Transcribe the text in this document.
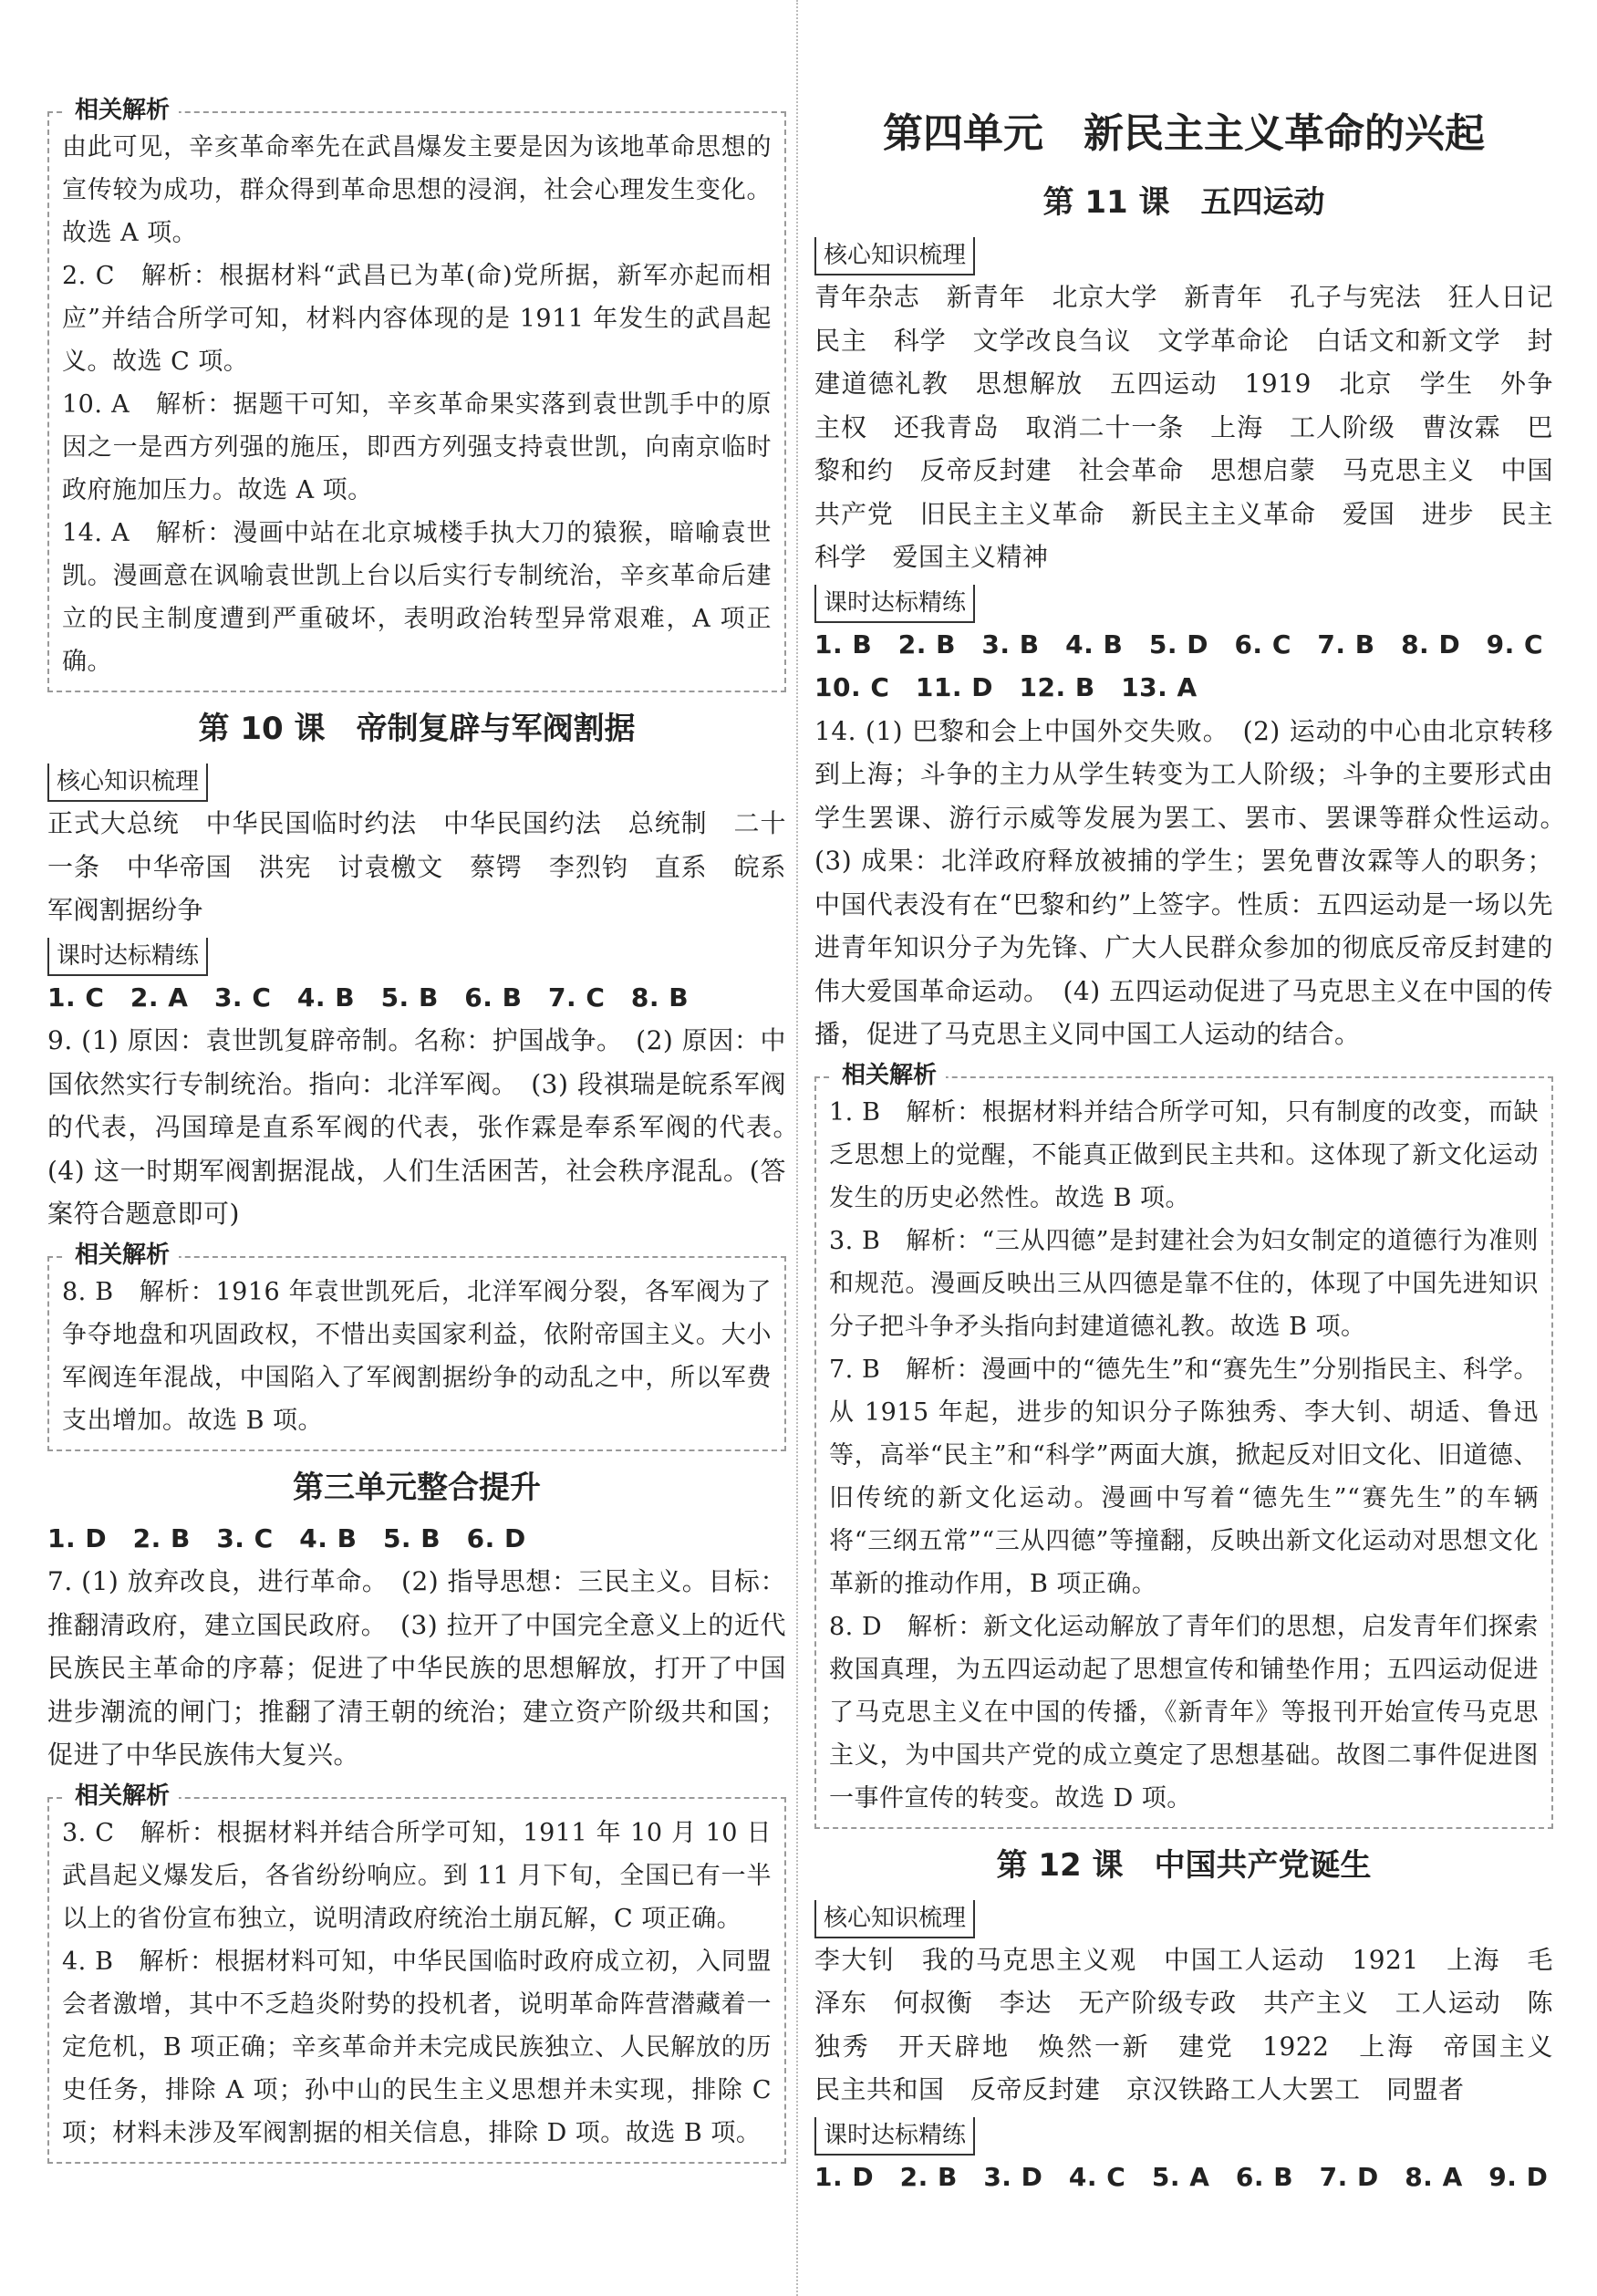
相关解析

由此可见，辛亥革命率先在武昌爆发主要是因为该地革命思想的宣传较为成功，群众得到革命思想的浸润，社会心理发生变化。故选 A 项。

2. C　解析：根据材料“武昌已为革(命)党所据，新军亦起而相应”并结合所学可知，材料内容体现的是 1911 年发生的武昌起义。故选 C 项。

10. A　解析：据题干可知，辛亥革命果实落到袁世凯手中的原因之一是西方列强的施压，即西方列强支持袁世凯，向南京临时政府施加压力。故选 A 项。

14. A　解析：漫画中站在北京城楼手执大刀的猿猴，暗喻袁世凯。漫画意在讽喻袁世凯上台以后实行专制统治，辛亥革命后建立的民主制度遭到严重破坏，表明政治转型异常艰难，A 项正确。

第 10 课　帝制复辟与军阀割据
核心知识梳理

正式大总统　中华民国临时约法　中华民国约法　总统制　二十一条　中华帝国　洪宪　讨袁檄文　蔡锷　李烈钧　直系　皖系　军阀割据纷争

课时达标精练

1. C　2. A　3. C　4. B　5. B　6. B　7. C　8. B

9. (1) 原因：袁世凯复辟帝制。名称：护国战争。　(2) 原因：中国依然实行专制统治。指向：北洋军阀。　(3) 段祺瑞是皖系军阀的代表，冯国璋是直系军阀的代表，张作霖是奉系军阀的代表。　(4) 这一时期军阀割据混战，人们生活困苦，社会秩序混乱。(答案符合题意即可)

相关解析

8. B　解析：1916 年袁世凯死后，北洋军阀分裂，各军阀为了争夺地盘和巩固政权，不惜出卖国家利益，依附帝国主义。大小军阀连年混战，中国陷入了军阀割据纷争的动乱之中，所以军费支出增加。故选 B 项。

第三单元整合提升

1. D　2. B　3. C　4. B　5. B　6. D

7. (1) 放弃改良，进行革命。　(2) 指导思想：三民主义。目标：推翻清政府，建立国民政府。　(3) 拉开了中国完全意义上的近代民族民主革命的序幕；促进了中华民族的思想解放，打开了中国进步潮流的闸门；推翻了清王朝的统治；建立资产阶级共和国；促进了中华民族伟大复兴。

相关解析

3. C　解析：根据材料并结合所学可知，1911 年 10 月 10 日武昌起义爆发后，各省纷纷响应。到 11 月下旬，全国已有一半以上的省份宣布独立，说明清政府统治土崩瓦解，C 项正确。

4. B　解析：根据材料可知，中华民国临时政府成立初，入同盟会者激增，其中不乏趋炎附势的投机者，说明革命阵营潜藏着一定危机，B 项正确；辛亥革命并未完成民族独立、人民解放的历史任务，排除 A 项；孙中山的民生主义思想并未实现，排除 C 项；材料未涉及军阀割据的相关信息，排除 D 项。故选 B 项。

第四单元　新民主主义革命的兴起
第 11 课　五四运动
核心知识梳理

青年杂志　新青年　北京大学　新青年　孔子与宪法　狂人日记　民主　科学　文学改良刍议　文学革命论　白话文和新文学　封建道德礼教　思想解放　五四运动　1919　北京　学生　外争主权　还我青岛　取消二十一条　上海　工人阶级　曹汝霖　巴黎和约　反帝反封建　社会革命　思想启蒙　马克思主义　中国共产党　旧民主主义革命　新民主主义革命　爱国　进步　民主　科学　爱国主义精神

课时达标精练

1. B　2. B　3. B　4. B　5. D　6. C　7. B　8. D　9. C

10. C　11. D　12. B　13. A

14. (1) 巴黎和会上中国外交失败。　(2) 运动的中心由北京转移到上海；斗争的主力从学生转变为工人阶级；斗争的主要形式由学生罢课、游行示威等发展为罢工、罢市、罢课等群众性运动。　(3) 成果：北洋政府释放被捕的学生；罢免曹汝霖等人的职务；中国代表没有在“巴黎和约”上签字。性质：五四运动是一场以先进青年知识分子为先锋、广大人民群众参加的彻底反帝反封建的伟大爱国革命运动。　(4) 五四运动促进了马克思主义在中国的传播，促进了马克思主义同中国工人运动的结合。

相关解析

1. B　解析：根据材料并结合所学可知，只有制度的改变，而缺乏思想上的觉醒，不能真正做到民主共和。这体现了新文化运动发生的历史必然性。故选 B 项。

3. B　解析：“三从四德”是封建社会为妇女制定的道德行为准则和规范。漫画反映出三从四德是靠不住的，体现了中国先进知识分子把斗争矛头指向封建道德礼教。故选 B 项。

7. B　解析：漫画中的“德先生”和“赛先生”分别指民主、科学。从 1915 年起，进步的知识分子陈独秀、李大钊、胡适、鲁迅等，高举“民主”和“科学”两面大旗，掀起反对旧文化、旧道德、旧传统的新文化运动。漫画中写着“德先生”“赛先生”的车辆将“三纲五常”“三从四德”等撞翻，反映出新文化运动对思想文化革新的推动作用，B 项正确。

8. D　解析：新文化运动解放了青年们的思想，启发青年们探索救国真理，为五四运动起了思想宣传和铺垫作用；五四运动促进了马克思主义在中国的传播，《新青年》等报刊开始宣传马克思主义，为中国共产党的成立奠定了思想基础。故图二事件促进图一事件宣传的转变。故选 D 项。

第 12 课　中国共产党诞生
核心知识梳理

李大钊　我的马克思主义观　中国工人运动　1921　上海　毛泽东　何叔衡　李达　无产阶级专政　共产主义　工人运动　陈独秀　开天辟地　焕然一新　建党　1922　上海　帝国主义　民主共和国　反帝反封建　京汉铁路工人大罢工　同盟者

课时达标精练

1. D　2. B　3. D　4. C　5. A　6. B　7. D　8. A　9. D
